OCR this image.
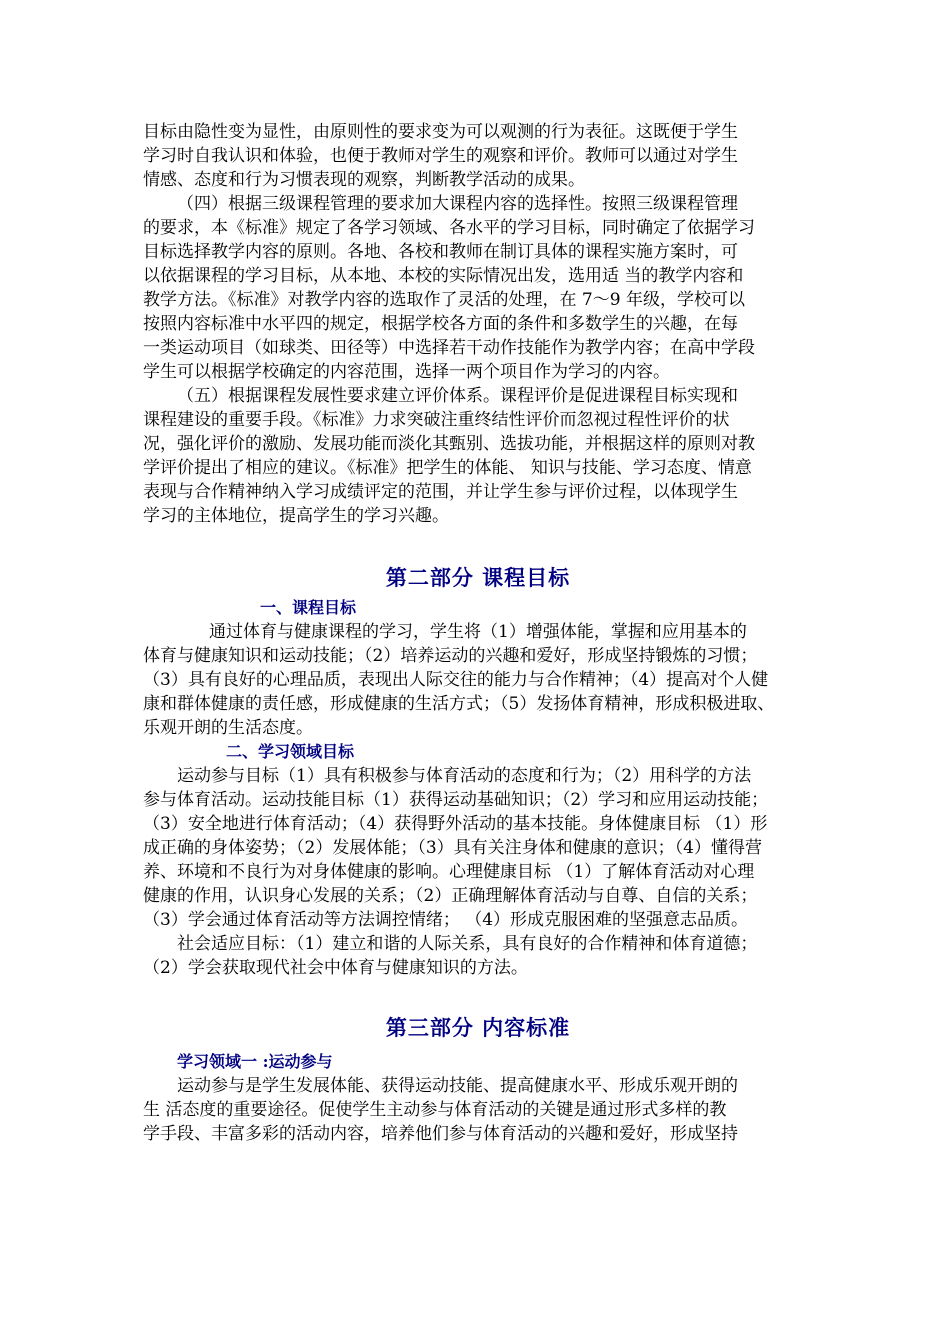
目标由隐性变为显性，由原则性的要求变为可以观测的行为表征。这既便于学生
学习时自我认识和体验，也便于教师对学生的观察和评价。教师可以通过对学生
情感、态度和行为习惯表现的观察，判断教学活动的成果。
（四）根据三级课程管理的要求加大课程内容的选择性。按照三级课程管理
的要求，本《标准》规定了各学习领域、各水平的学习目标，同时确定了依据学习
目标选择教学内容的原则。各地、各校和教师在制订具体的课程实施方案时，可
以依据课程的学习目标，从本地、本校的实际情况出发，选用适 当的教学内容和
教学方法。《标准》对教学内容的选取作了灵活的处理，在 7～9 年级，学校可以
按照内容标准中水平四的规定，根据学校各方面的条件和多数学生的兴趣，在每
一类运动项目（如球类、田径等）中选择若干动作技能作为教学内容；在高中学段
学生可以根据学校确定的内容范围，选择一两个项目作为学习的内容。
（五）根据课程发展性要求建立评价体系。课程评价是促进课程目标实现和
课程建设的重要手段。《标准》力求突破注重终结性评价而忽视过程性评价的状
况，强化评价的激励、发展功能而淡化其甄别、选拔功能，并根据这样的原则对教
学评价提出了相应的建议。《标准》把学生的体能、 知识与技能、学习态度、情意
表现与合作精神纳入学习成绩评定的范围，并让学生参与评价过程，以体现学生
学习的主体地位，提高学生的学习兴趣。
第二部分 课程目标
一、课程目标
通过体育与健康课程的学习，学生将（1）增强体能，掌握和应用基本的
体育与健康知识和运动技能；（2）培养运动的兴趣和爱好，形成坚持锻炼的习惯；
（3）具有良好的心理品质，表现出人际交往的能力与合作精神；（4）提高对个人健
康和群体健康的责任感，形成健康的生活方式；（5）发扬体育精神，形成积极进取、
乐观开朗的生活态度。
二、学习领域目标
运动参与目标（1）具有积极参与体育活动的态度和行为；（2）用科学的方法
参与体育活动。运动技能目标（1）获得运动基础知识；（2）学习和应用运动技能；
（3）安全地进行体育活动；（4）获得野外活动的基本技能。身体健康目标 （1）形
成正确的身体姿势；（2）发展体能；（3）具有关注身体和健康的意识；（4）懂得营
养、环境和不良行为对身体健康的影响。心理健康目标 （1）了解体育活动对心理
健康的作用，认识身心发展的关系；（2）正确理解体育活动与自尊、自信的关系；
（3）学会通过体育活动等方法调控情绪； （4）形成克服困难的坚强意志品质。
社会适应目标：（1）建立和谐的人际关系，具有良好的合作精神和体育道德；
（2）学会获取现代社会中体育与健康知识的方法。
第三部分 内容标准
学习领域一 :运动参与
运动参与是学生发展体能、获得运动技能、提高健康水平、形成乐观开朗的
生 活态度的重要途径。促使学生主动参与体育活动的关键是通过形式多样的教
学手段、丰富多彩的活动内容，培养他们参与体育活动的兴趣和爱好，形成坚持
